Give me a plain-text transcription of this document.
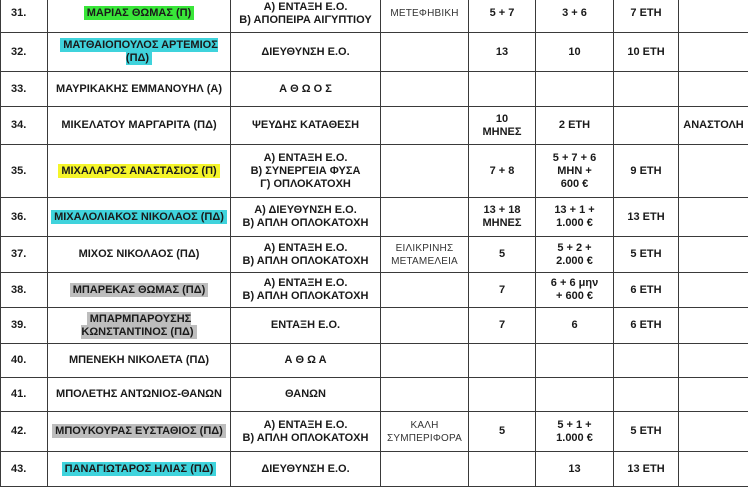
31.	ΜΑΡΙΑΣ ΘΩΜΑΣ (Π)	Α) ΕΝΤΑΞΗ Ε.Ο.
Β) ΑΠΟΠΕΙΡΑ ΑΙΓΥΠΤΙΟΥ	ΜΕΤΕΦΗΒΙΚΗ	5 + 7	3 + 6	7 ΕΤΗ	
32.	ΜΑΤΘΑΙΟΠΟΥΛΟΣ ΑΡΤΕΜΙΟΣ (ΠΔ)	ΔΙΕΥΘΥΝΣΗ Ε.Ο.		13	10	10 ΕΤΗ	
33.	ΜΑΥΡΙΚΑΚΗΣ ΕΜΜΑΝΟΥΗΛ (Α)	Α Θ Ω Ο Σ					
34.	ΜΙΚΕΛΑΤΟΥ ΜΑΡΓΑΡΙΤΑ (ΠΔ)	ΨΕΥΔΗΣ ΚΑΤΑΘΕΣΗ		10
ΜΗΝΕΣ	2 ΕΤΗ		ΑΝΑΣΤΟΛΗ
35.	ΜΙΧΑΛΑΡΟΣ ΑΝΑΣΤΑΣΙΟΣ (Π)	Α) ΕΝΤΑΞΗ Ε.Ο.
Β) ΣΥΝΕΡΓΕΙΑ ΦΥΣΑ
Γ) ΟΠΛΟΚΑΤΟΧΗ		7 + 8	5 + 7 + 6
ΜΗΝ +
600 €	9 ΕΤΗ	
36.	ΜΙΧΑΛΟΛΙΑΚΟΣ ΝΙΚΟΛΑΟΣ (ΠΔ)	Α) ΔΙΕΥΘΥΝΣΗ Ε.Ο.
Β) ΑΠΛΗ ΟΠΛΟΚΑΤΟΧΗ		13 + 18
ΜΗΝΕΣ	13 + 1 +
1.000 €	13 ΕΤΗ	
37.	ΜΙΧΟΣ ΝΙΚΟΛΑΟΣ (ΠΔ)	Α) ΕΝΤΑΞΗ Ε.Ο.
Β) ΑΠΛΗ ΟΠΛΟΚΑΤΟΧΗ	ΕΙΛΙΚΡΙΝΗΣ ΜΕΤΑΜΕΛΕΙΑ	5	5 + 2 +
2.000 €	5 ΕΤΗ	
38.	ΜΠΑΡΕΚΑΣ ΘΩΜΑΣ (ΠΔ)	Α) ΕΝΤΑΞΗ Ε.Ο.
Β) ΑΠΛΗ ΟΠΛΟΚΑΤΟΧΗ		7	6 + 6 μην
+ 600 €	6 ΕΤΗ	
39.	ΜΠΑΡΜΠΑΡΟΥΣΗΣ ΚΩΝΣΤΑΝΤΙΝΟΣ (ΠΔ)	ΕΝΤΑΞΗ Ε.Ο.		7	6	6 ΕΤΗ	
40.	ΜΠΕΝΕΚΗ ΝΙΚΟΛΕΤΑ (ΠΔ)	Α Θ Ω Α					
41.	ΜΠΟΛΕΤΗΣ ΑΝΤΩΝΙΟΣ-ΘΑΝΩΝ	ΘΑΝΩΝ					
42.	ΜΠΟΥΚΟΥΡΑΣ ΕΥΣΤΑΘΙΟΣ (ΠΔ)	Α) ΕΝΤΑΞΗ Ε.Ο.
Β) ΑΠΛΗ ΟΠΛΟΚΑΤΟΧΗ	ΚΑΛΗ ΣΥΜΠΕΡΙΦΟΡΑ	5	5 + 1 +
1.000 €	5 ΕΤΗ	
43.	ΠΑΝΑΓΙΩΤΑΡΟΣ ΗΛΙΑΣ (ΠΔ)	ΔΙΕΥΘΥΝΣΗ Ε.Ο.			13	13 ΕΤΗ	
